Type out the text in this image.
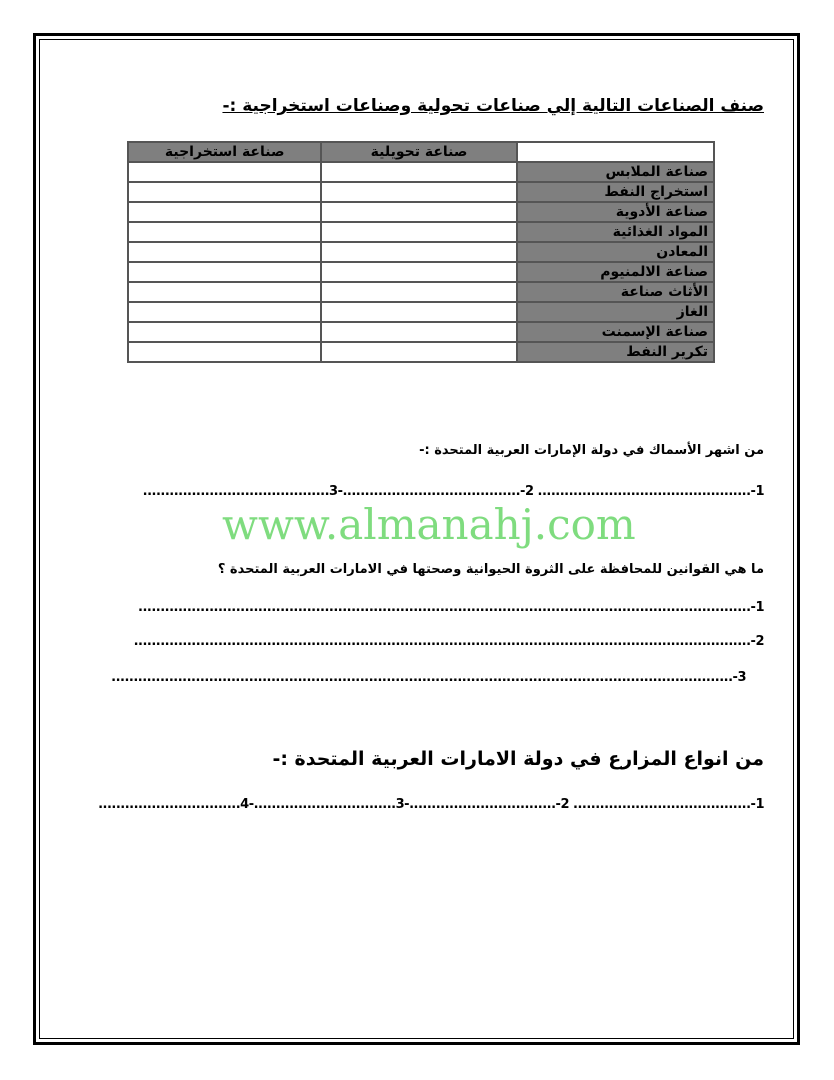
صنف الصناعات التالية إلي صناعات تحولية وصناعات استخراجية :-
صناعة استخراجية	صناعة تحويلية	
		صناعة الملابس
		استخراج النفط
		صناعة الأدوية
		المواد الغذائية
		المعادن
		صناعة الالمنيوم
		الأثاث صناعة
		الغاز
		صناعة الإسمنت
		تكرير النفط
من اشهر الأسماك في دولة الإمارات العربية المتحدة :-
1-................................................ 2-........................................-3..........................................
www.almanahj.com
ما هي القوانين للمحافظة على الثروة الحيوانية وصحتها في الامارات العربية المتحدة ؟
1-..........................................................................................................................................
2-...........................................................................................................................................
3-............................................................................................................................................
من انواع المزارع في دولة الامارات العربية المتحدة :-
1-........................................ 2-.................................-3................................-4................................
